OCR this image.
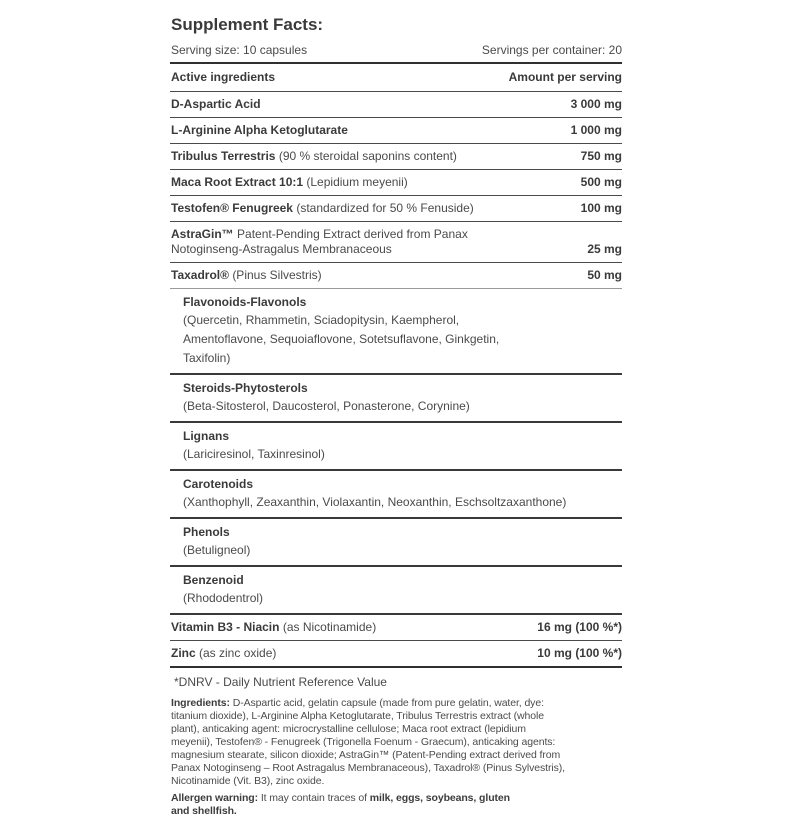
Supplement Facts:
Serving size: 10 capsules	Servings per container: 20
Active ingredients	Amount per serving
D-Aspartic Acid	3 000 mg
L-Arginine Alpha Ketoglutarate	1 000 mg
Tribulus Terrestris (90 % steroidal saponins content)	750 mg
Maca Root Extract 10:1 (Lepidium meyenii)	500 mg
Testofen® Fenugreek (standardized for 50 % Fenuside)	100 mg
AstraGin™ Patent-Pending Extract derived from Panax Notoginseng-Astragalus Membranaceous	25 mg
Taxadrol® (Pinus Silvestris)	50 mg
Flavonoids-Flavonols
(Quercetin, Rhammetin, Sciadopitysin, Kaempherol,
Amentoflavone, Sequoiaflovone, Sotetsuflavone, Ginkgetin,
Taxifolin)
Steroids-Phytosterols
(Beta-Sitosterol, Daucosterol, Ponasterone, Corynine)
Lignans
(Lariciresinol, Taxinresinol)
Carotenoids
(Xanthophyll, Zeaxanthin, Violaxantin, Neoxanthin, Eschsoltzaxanthone)
Phenols
(Betuligneol)
Benzenoid
(Rhododentrol)
Vitamin B3 - Niacin (as Nicotinamide)	16 mg (100 %*)
Zinc (as zinc oxide)	10 mg (100 %*)
*DNRV - Daily Nutrient Reference Value
Ingredients: D-Aspartic acid, gelatin capsule (made from pure gelatin, water, dye:
titanium dioxide), L-Arginine Alpha Ketoglutarate, Tribulus Terrestris extract (whole
plant), anticaking agent: microcrystalline cellulose; Maca root extract (lepidium
meyenii), Testofen® - Fenugreek (Trigonella Foenum - Graecum), anticaking agents:
magnesium stearate, silicon dioxide; AstraGin™ (Patent-Pending extract derived from
Panax Notoginseng – Root Astragalus Membranaceous), Taxadrol® (Pinus Sylvestris),
Nicotinamide (Vit. B3), zinc oxide.
Allergen warning: It may contain traces of milk, eggs, soybeans, gluten and shellfish.
